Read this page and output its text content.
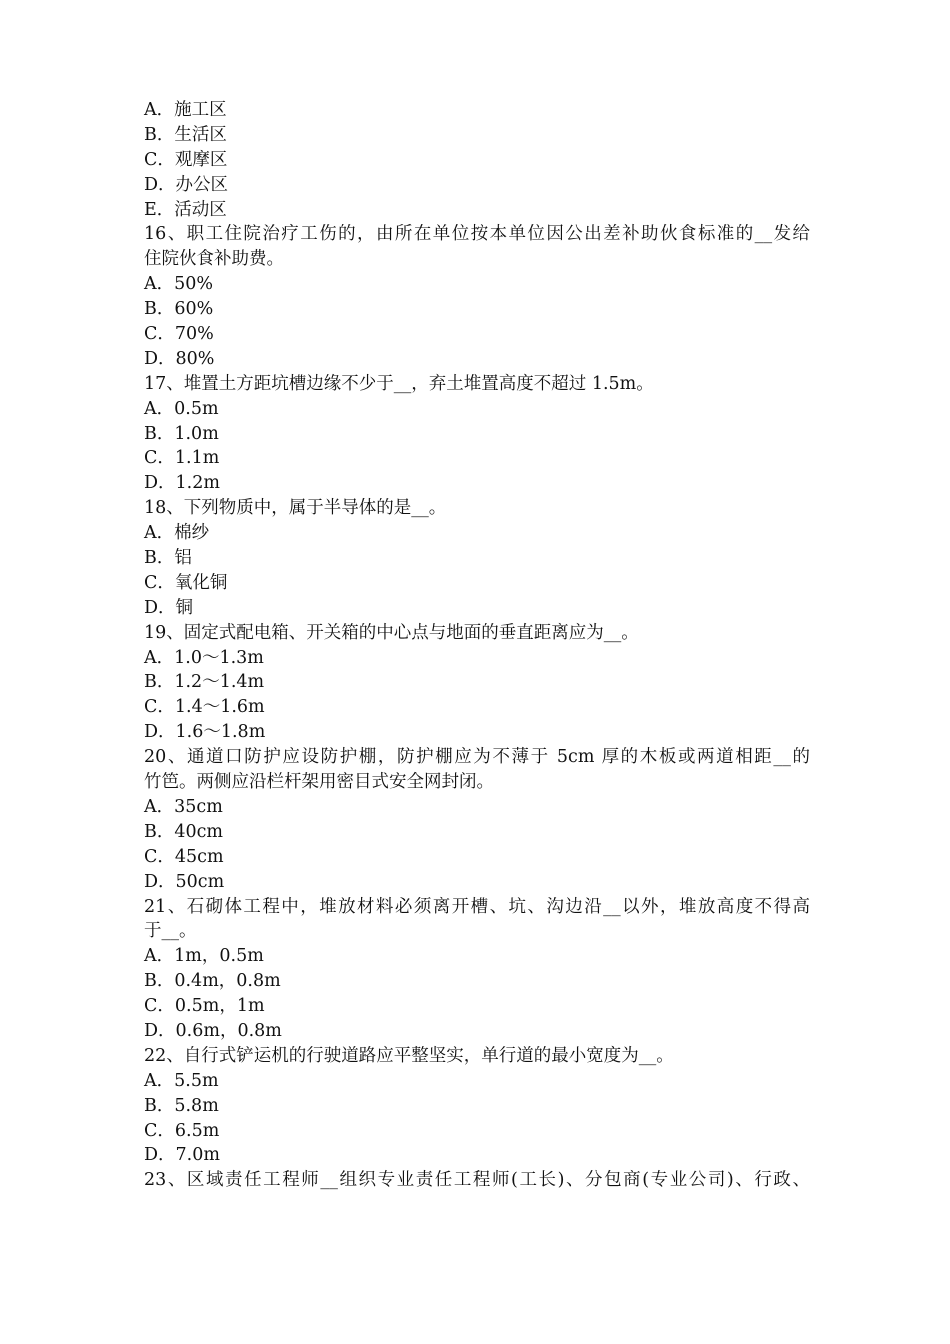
A．施工区
B．生活区
C．观摩区
D．办公区
E．活动区
16、职工住院治疗工伤的，由所在单位按本单位因公出差补助伙食标准的__发给
住院伙食补助费。
A．50%
B．60%
C．70%
D．80%
17、堆置土方距坑槽边缘不少于__，弃土堆置高度不超过 1.5m。
A．0.5m
B．1.0m
C．1.1m
D．1.2m
18、下列物质中，属于半导体的是__。
A．棉纱
B．铝
C．氧化铜
D．铜
19、固定式配电箱、开关箱的中心点与地面的垂直距离应为__。
A．1.0～1.3m
B．1.2～1.4m
C．1.4～1.6m
D．1.6～1.8m
20、通道口防护应设防护棚，防护棚应为不薄于 5cm 厚的木板或两道相距__的
竹笆。两侧应沿栏杆架用密目式安全网封闭。
A．35cm
B．40cm
C．45cm
D．50cm
21、石砌体工程中，堆放材料必须离开槽、坑、沟边沿__以外，堆放高度不得高
于__。
A．1m，0.5m
B．0.4m，0.8m
C．0.5m，1m
D．0.6m，0.8m
22、自行式铲运机的行驶道路应平整坚实，单行道的最小宽度为__。
A．5.5m
B．5.8m
C．6.5m
D．7.0m
23、区域责任工程师__组织专业责任工程师(工长)、分包商(专业公司)、行政、
